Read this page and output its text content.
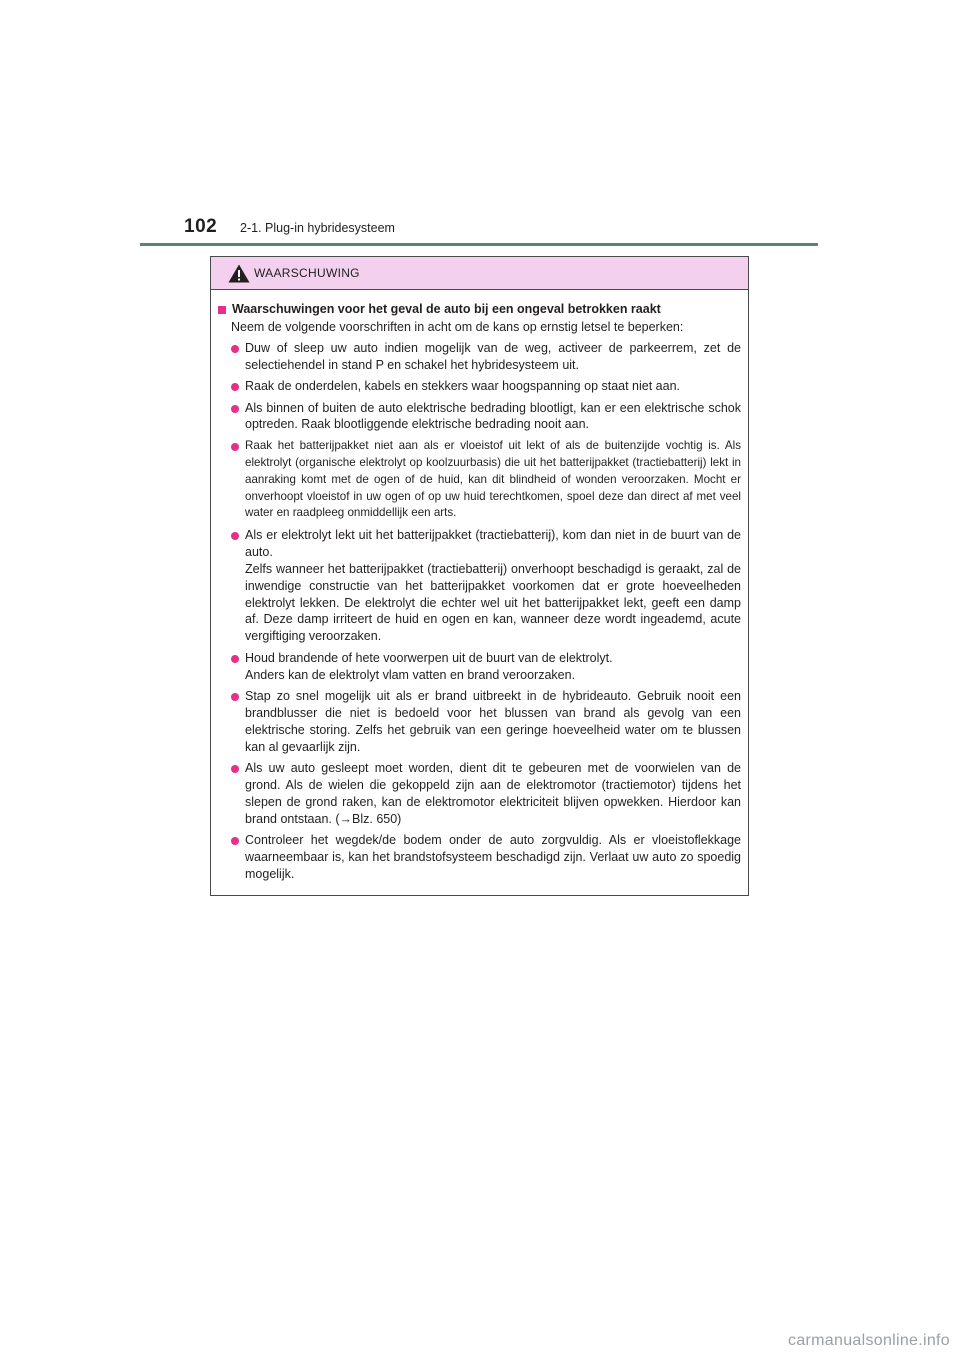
102 2-1. Plug-in hybridesysteem
WAARSCHUWING
Waarschuwingen voor het geval de auto bij een ongeval betrokken raakt
Neem de volgende voorschriften in acht om de kans op ernstig letsel te beperken:
Duw of sleep uw auto indien mogelijk van de weg, activeer de parkeerrem, zet de selectiehendel in stand P en schakel het hybridesysteem uit.
Raak de onderdelen, kabels en stekkers waar hoogspanning op staat niet aan.
Als binnen of buiten de auto elektrische bedrading blootligt, kan er een elektrische schok optreden. Raak blootliggende elektrische bedrading nooit aan.
Raak het batterijpakket niet aan als er vloeistof uit lekt of als de buitenzijde vochtig is. Als elektrolyt (organische elektrolyt op koolzuurbasis) die uit het batterijpakket (tractiebatterij) lekt in aanraking komt met de ogen of de huid, kan dit blindheid of wonden veroorzaken. Mocht er onverhoopt vloeistof in uw ogen of op uw huid terechtkomen, spoel deze dan direct af met veel water en raadpleeg onmiddellijk een arts.
Als er elektrolyt lekt uit het batterijpakket (tractiebatterij), kom dan niet in de buurt van de auto.
Zelfs wanneer het batterijpakket (tractiebatterij) onverhoopt beschadigd is geraakt, zal de inwendige constructie van het batterijpakket voorkomen dat er grote hoeveelheden elektrolyt lekken. De elektrolyt die echter wel uit het batterijpakket lekt, geeft een damp af. Deze damp irriteert de huid en ogen en kan, wanneer deze wordt ingeademd, acute vergiftiging veroorzaken.
Houd brandende of hete voorwerpen uit de buurt van de elektrolyt.
Anders kan de elektrolyt vlam vatten en brand veroorzaken.
Stap zo snel mogelijk uit als er brand uitbreekt in de hybrideauto. Gebruik nooit een brandblusser die niet is bedoeld voor het blussen van brand als gevolg van een elektrische storing. Zelfs het gebruik van een geringe hoeveelheid water om te blussen kan al gevaarlijk zijn.
Als uw auto gesleept moet worden, dient dit te gebeuren met de voorwielen van de grond. Als de wielen die gekoppeld zijn aan de elektromotor (tractiemotor) tijdens het slepen de grond raken, kan de elektromotor elektriciteit blijven opwekken. Hierdoor kan brand ontstaan. (→Blz. 650)
Controleer het wegdek/de bodem onder de auto zorgvuldig. Als er vloeistoflekkage waarneembaar is, kan het brandstofsysteem beschadigd zijn. Verlaat uw auto zo spoedig mogelijk.
carmanualsonline.info
